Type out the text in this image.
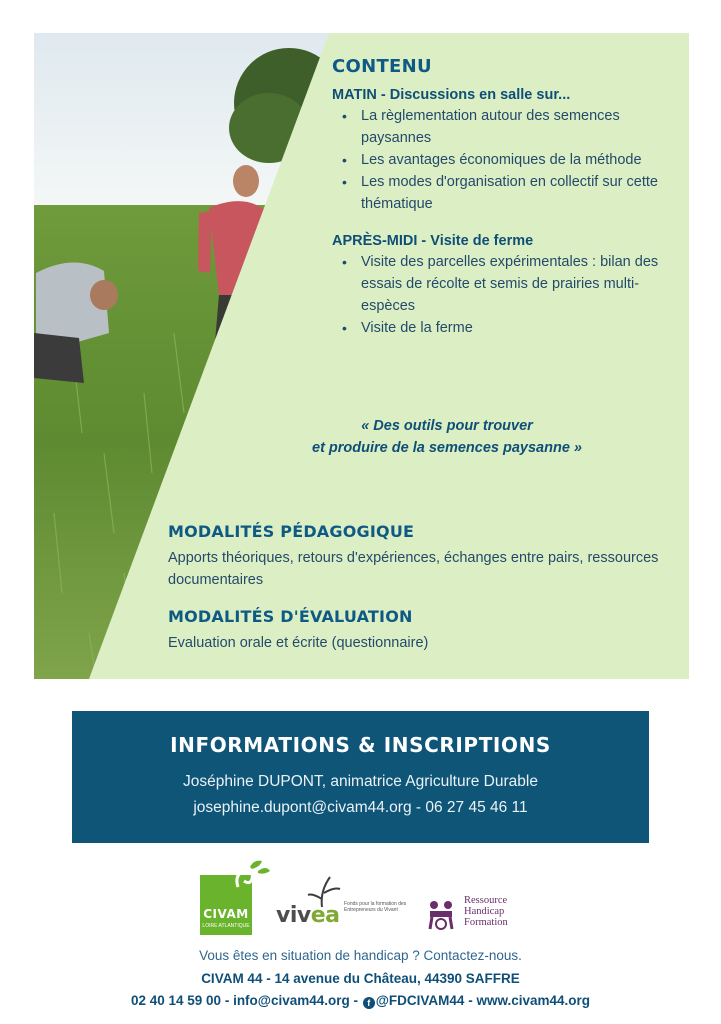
CONTENU
MATIN - Discussions en salle sur...
• La règlementation autour des semences paysannes
• Les avantages économiques de la méthode
• Les modes d'organisation en collectif sur cette thématique
APRÈS-MIDI - Visite de ferme
• Visite des parcelles expérimentales : bilan des essais de récolte et semis de prairies multi-espèces
• Visite de la ferme
« Des outils pour trouver
et produire de la semences paysanne »
MODALITÉS PÉDAGOGIQUE
Apports théoriques, retours d'expériences, échanges entre pairs, ressources documentaires
MODALITÉS D'ÉVALUATION
Evaluation orale et écrite (questionnaire)
INFORMATIONS & INSCRIPTIONS
Joséphine DUPONT, animatrice Agriculture Durable
josephine.dupont@civam44.org - 06 27 45 46 11
CIVAM
LOIRE ATLANTIQUE vivea Fonds pour la formation des Entrepreneurs du Vivant
Ressource
Handicap
Formation
Vous êtes en situation de handicap ? Contactez-nous.
CIVAM 44 - 14 avenue du Château, 44390 SAFFRE
02 40 14 59 00 - info@civam44.org - f @FDCIVAM44 - www.civam44.org
